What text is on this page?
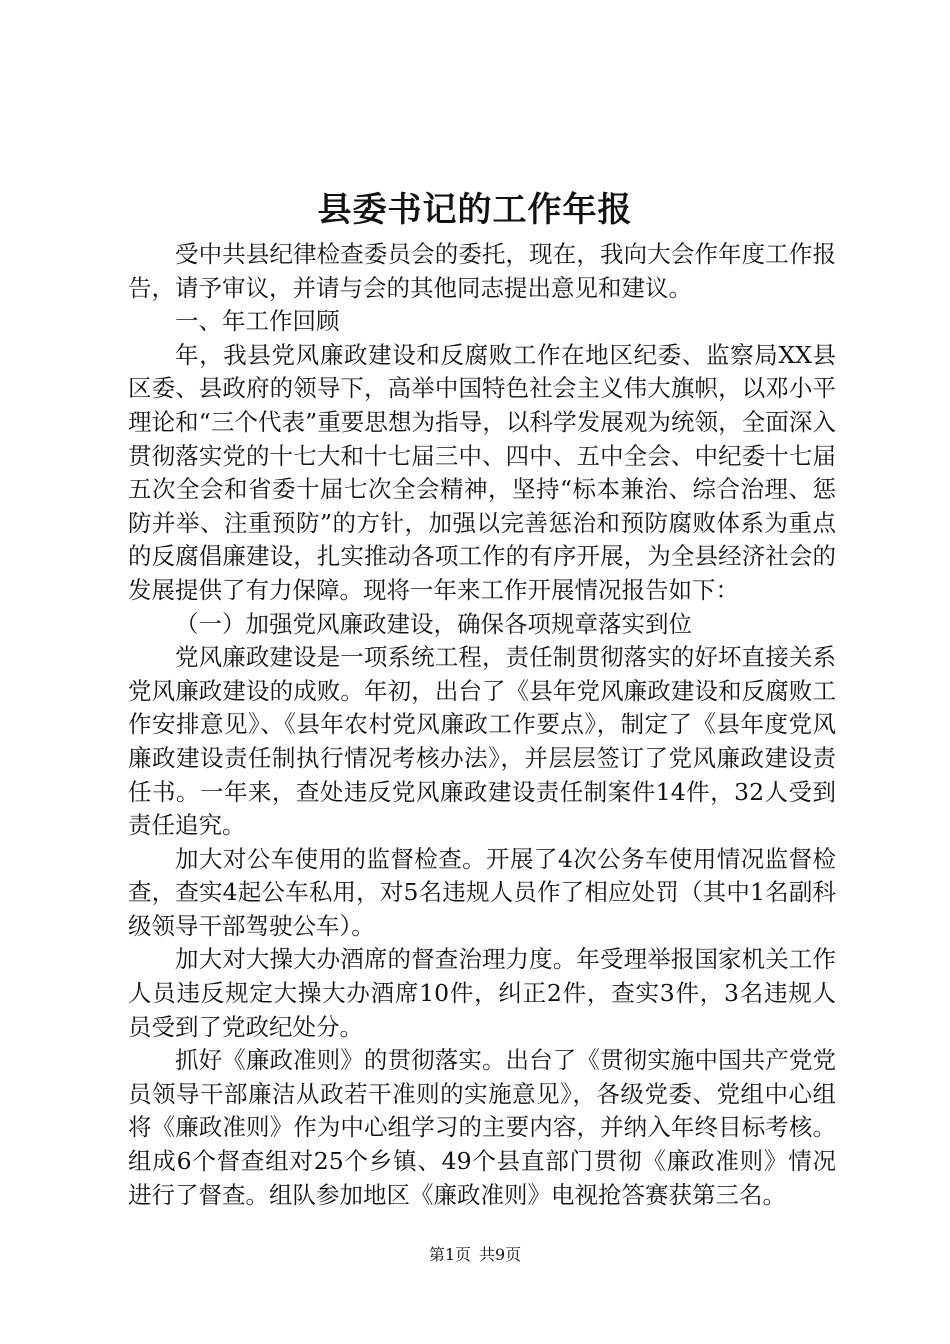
县委书记的工作年报

受中共县纪律检查委员会的委托，现在，我向大会作年度工作报告，请予审议，并请与会的其他同志提出意见和建议。

一、年工作回顾

年，我县党风廉政建设和反腐败工作在地区纪委、监察局XX县区委、县政府的领导下，高举中国特色社会主义伟大旗帜，以邓小平理论和“三个代表”重要思想为指导，以科学发展观为统领，全面深入贯彻落实党的十七大和十七届三中、四中、五中全会、中纪委十七届五次全会和省委十届七次全会精神，坚持“标本兼治、综合治理、惩防并举、注重预防”的方针，加强以完善惩治和预防腐败体系为重点的反腐倡廉建设，扎实推动各项工作的有序开展，为全县经济社会的发展提供了有力保障。现将一年来工作开展情况报告如下：

（一）加强党风廉政建设，确保各项规章落实到位

党风廉政建设是一项系统工程，责任制贯彻落实的好坏直接关系党风廉政建设的成败。年初，出台了《县年党风廉政建设和反腐败工作安排意见》、《县年农村党风廉政工作要点》，制定了《县年度党风廉政建设责任制执行情况考核办法》，并层层签订了党风廉政建设责任书。一年来，查处违反党风廉政建设责任制案件14件，32人受到责任追究。

加大对公车使用的监督检查。开展了4次公务车使用情况监督检查，查实4起公车私用，对5名违规人员作了相应处罚（其中1名副科级领导干部驾驶公车）。

加大对大操大办酒席的督查治理力度。年受理举报国家机关工作人员违反规定大操大办酒席10件，纠正2件，查实3件，3名违规人员受到了党政纪处分。

抓好《廉政准则》的贯彻落实。出台了《贯彻实施中国共产党党员领导干部廉洁从政若干准则的实施意见》，各级党委、党组中心组将《廉政准则》作为中心组学习的主要内容，并纳入年终目标考核。组成6个督查组对25个乡镇、49个县直部门贯彻《廉政准则》情况进行了督查。组队参加地区《廉政准则》电视抢答赛获第三名。

第1页 共9页
